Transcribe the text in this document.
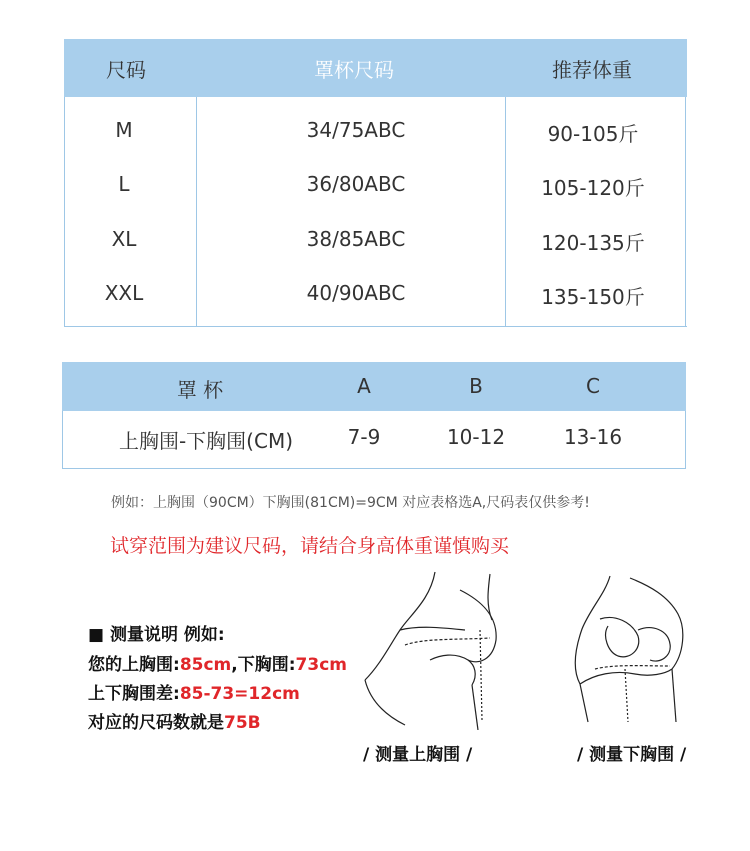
尺码	罩杯尺码	推荐体重
M	34/75ABC	90-105斤
L	36/80ABC	105-120斤
XL	38/85ABC	120-135斤
XXL	40/90ABC	135-150斤
罩 杯	A	B	C
上胸围-下胸围(CM)	7-9	10-12	13-16
例如：上胸围（90CM）下胸围(81CM)=9CM 对应表格选A,尺码表仅供参考!
试穿范围为建议尺码，请结合身高体重谨慎购买
■ 测量说明 例如:
您的上胸围:85cm,下胸围:73cm
上下胸围差:85-73=12cm
对应的尺码数就是75B
/ 测量上胸围 /	/ 测量下胸围 /
